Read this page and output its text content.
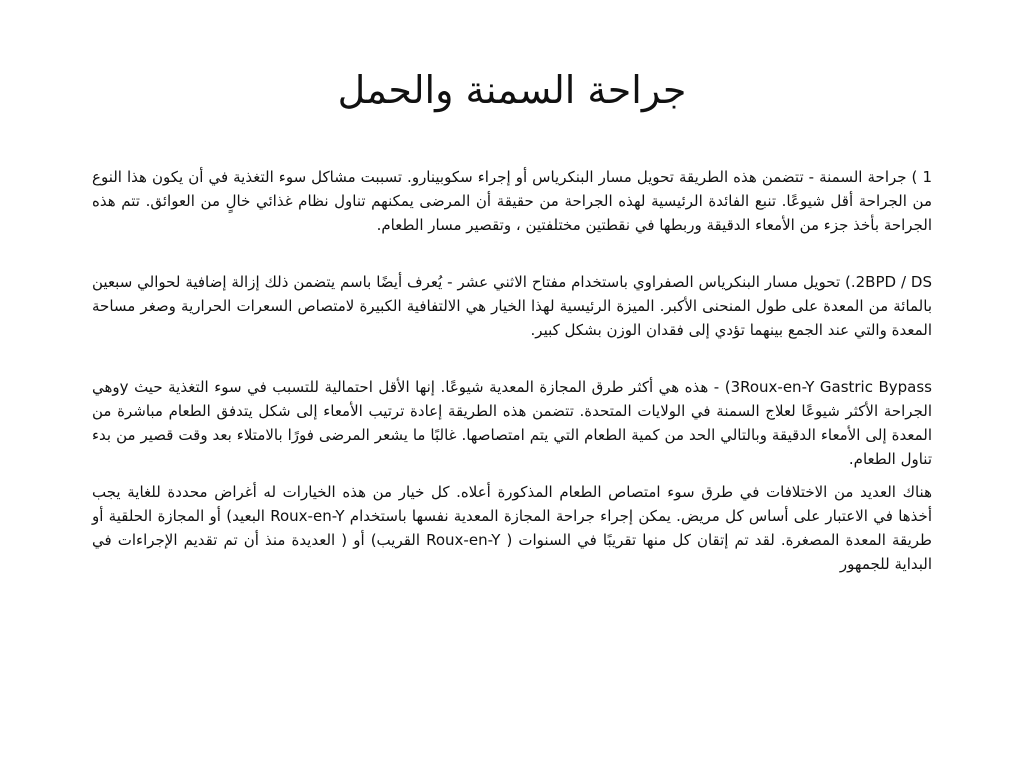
جراحة السمنة والحمل

1 ) جراحة السمنة - تتضمن هذه الطريقة تحويل مسار البنكرياس أو إجراء سكوبينارو. تسببت مشاكل سوء التغذية في أن يكون هذا النوع من الجراحة أقل شيوعًا. تنبع الفائدة الرئيسية لهذه الجراحة من حقيقة أن المرضى يمكنهم تناول نظام غذائي خالٍ من العوائق. تتم هذه الجراحة بأخذ جزء من الأمعاء الدقيقة وربطها في نقطتين مختلفتين ، وتقصير مسار الطعام.

2BPD / DS.) تحويل مسار البنكرياس الصفراوي باستخدام مفتاح الاثني عشر - يُعرف أيضًا باسم يتضمن ذلك إزالة إضافية لحوالي سبعين بالمائة من المعدة على طول المنحنى الأكبر. الميزة الرئيسية لهذا الخيار هي الالتفافية الكبيرة لامتصاص السعرات الحرارية وصغر مساحة المعدة والتي عند الجمع بينهما تؤدي إلى فقدان الوزن بشكل كبير.

3Roux-en-Y Gastric Bypass) - هذه هي أكثر طرق المجازة المعدية شيوعًا. إنها الأقل احتمالية للتسبب في سوء التغذية حيث yوهي الجراحة الأكثر شيوعًا لعلاج السمنة في الولايات المتحدة. تتضمن هذه الطريقة إعادة ترتيب الأمعاء إلى شكل يتدفق الطعام مباشرة من المعدة إلى الأمعاء الدقيقة وبالتالي الحد من كمية الطعام التي يتم امتصاصها. غالبًا ما يشعر المرضى فورًا بالامتلاء بعد وقت قصير من بدء تناول الطعام.

هناك العديد من الاختلافات في طرق سوء امتصاص الطعام المذكورة أعلاه. كل خيار من هذه الخيارات له أغراض محددة للغاية يجب أخذها في الاعتبار على أساس كل مريض. يمكن إجراء جراحة المجازة المعدية نفسها باستخدام Roux-en-Y البعيد) أو المجازة الحلقية أو طريقة المعدة المصغرة. لقد تم إتقان كل منها تقريبًا في السنوات ( Roux-en-Y القريب) أو ( العديدة منذ أن تم تقديم الإجراءات في البداية للجمهور
